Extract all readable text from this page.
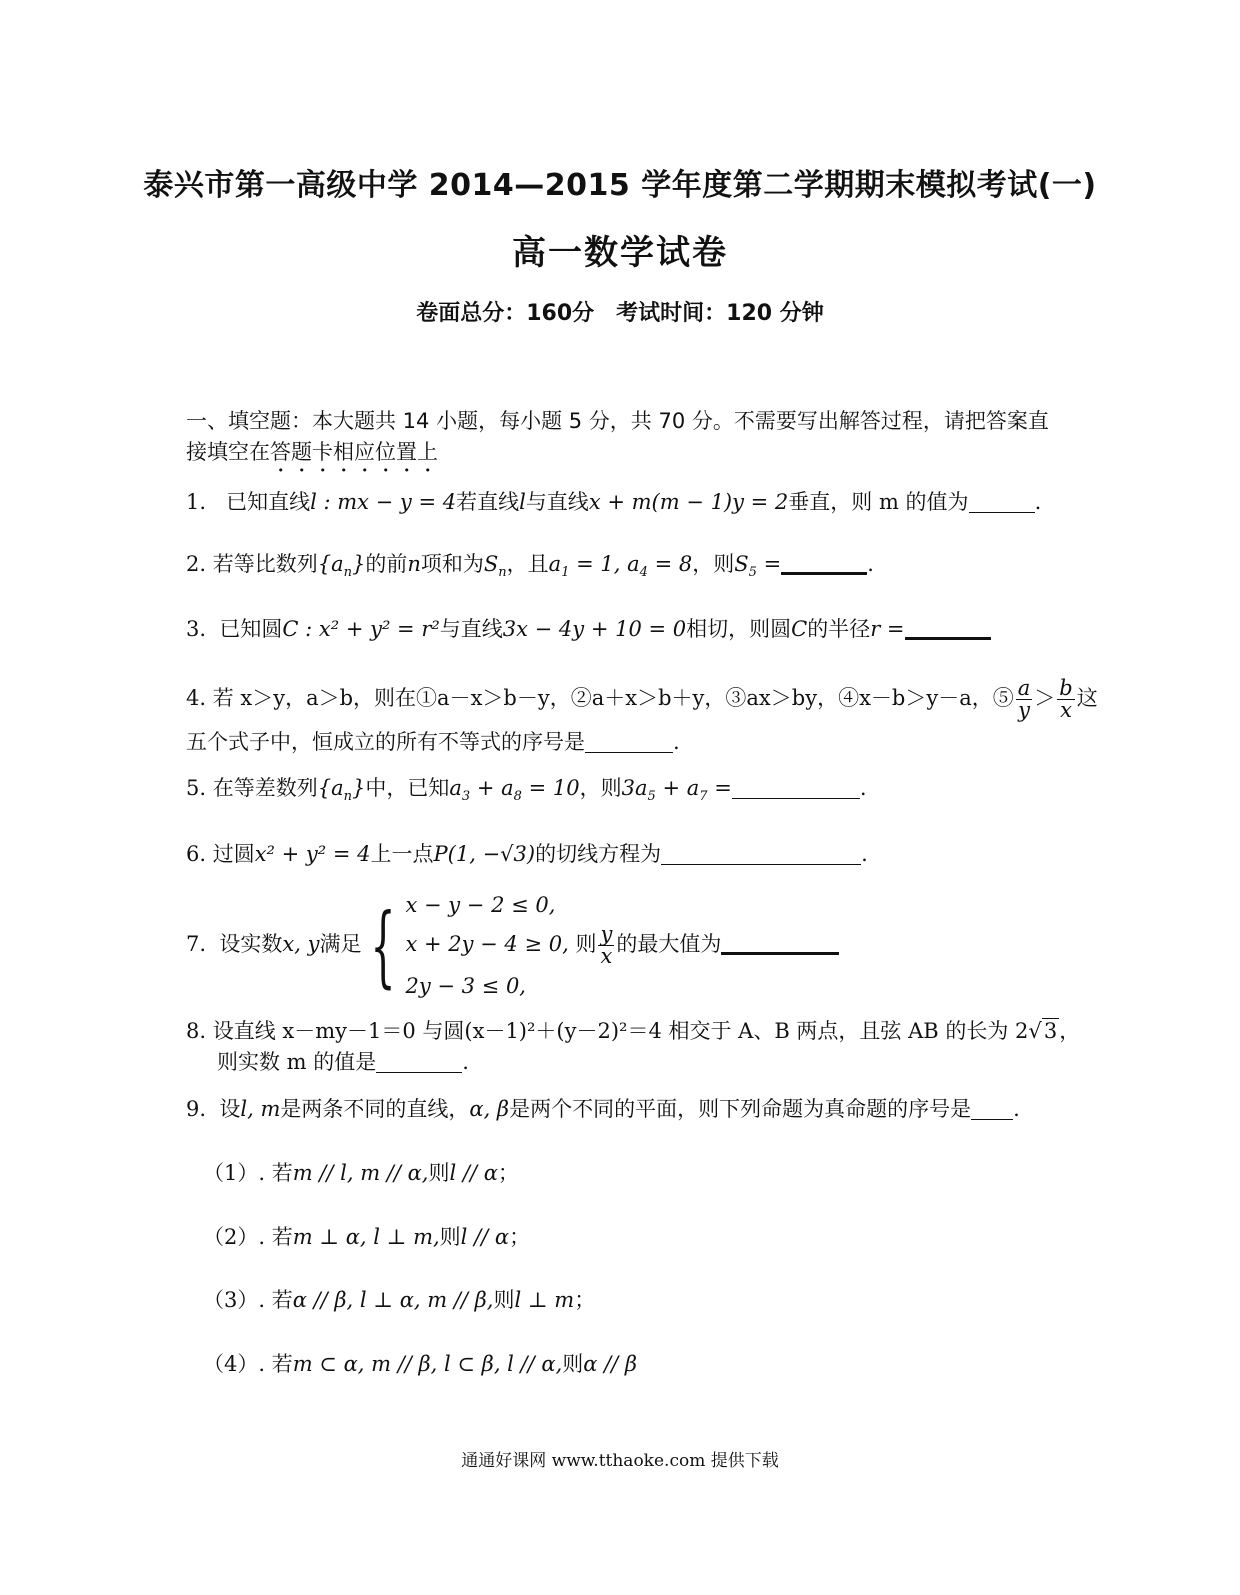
泰兴市第一高级中学 2014—2015 学年度第二学期期末模拟考试(一)
高一数学试卷
卷面总分：160分　考试时间：120 分钟
一、填空题：本大题共 14 小题，每小题 5 分，共 70 分。不需要写出解答过程，请把答案直
接填空在答题卡相应位置上
1. 已知直线l : mx − y = 4若直线l与直线x + m(m − 1)y = 2垂直，则 m 的值为	.
2. 若等比数列$\{a_n\}$的前n项和为$S_n$，且$a_1 = 1$, $a_4 = 8$，则$S_5$ =	.
3.  已知圆C : x² + y² = r²与直线3x − 4y + 10 = 0相切，则圆C的半径r =
4. 若 x＞y，a＞b，则在①a－x＞b－y，②a＋x＞b＋y，③ax＞by，④x－b＞y－a，⑤ $\frac{a}{y} > \frac{b}{x}$ 这
五个式子中，恒成立的所有不等式的序号是	.
5. 在等差数列$\{a_n\}$中，已知$a_3 + a_8 = 10$，则$3a_5 + a_7$ =	.
6. 过圆x² + y² = 4上一点P(1, −√3)的切线方程为	.
7. 设实数x, y满足 { x − y − 2 ≤ 0,
x + 2y − 4 ≥ 0, 则 $\frac{y}{x}$ 的最大值为
2y − 3 ≤ 0,
8. 设直线 x－my－1＝0 与圆(x－1)²＋(y－2)²＝4 相交于 A、B 两点，且弦 AB 的长为 2√3，
则实数 m 的值是	.
9. 设l, m是两条不同的直线，α, β是两个不同的平面，则下列命题为真命题的序号是 .
（1）. 若m // l, m // α,则l // α；
（2）. 若m ⊥ α, l ⊥ m,则l // α；
（3）. 若α // β, l ⊥ α, m // β,则l ⊥ m；
（4）. 若m ⊂ α, m // β, l ⊂ β, l // α,则α // β
通通好课网 www.tthaoke.com 提供下载
